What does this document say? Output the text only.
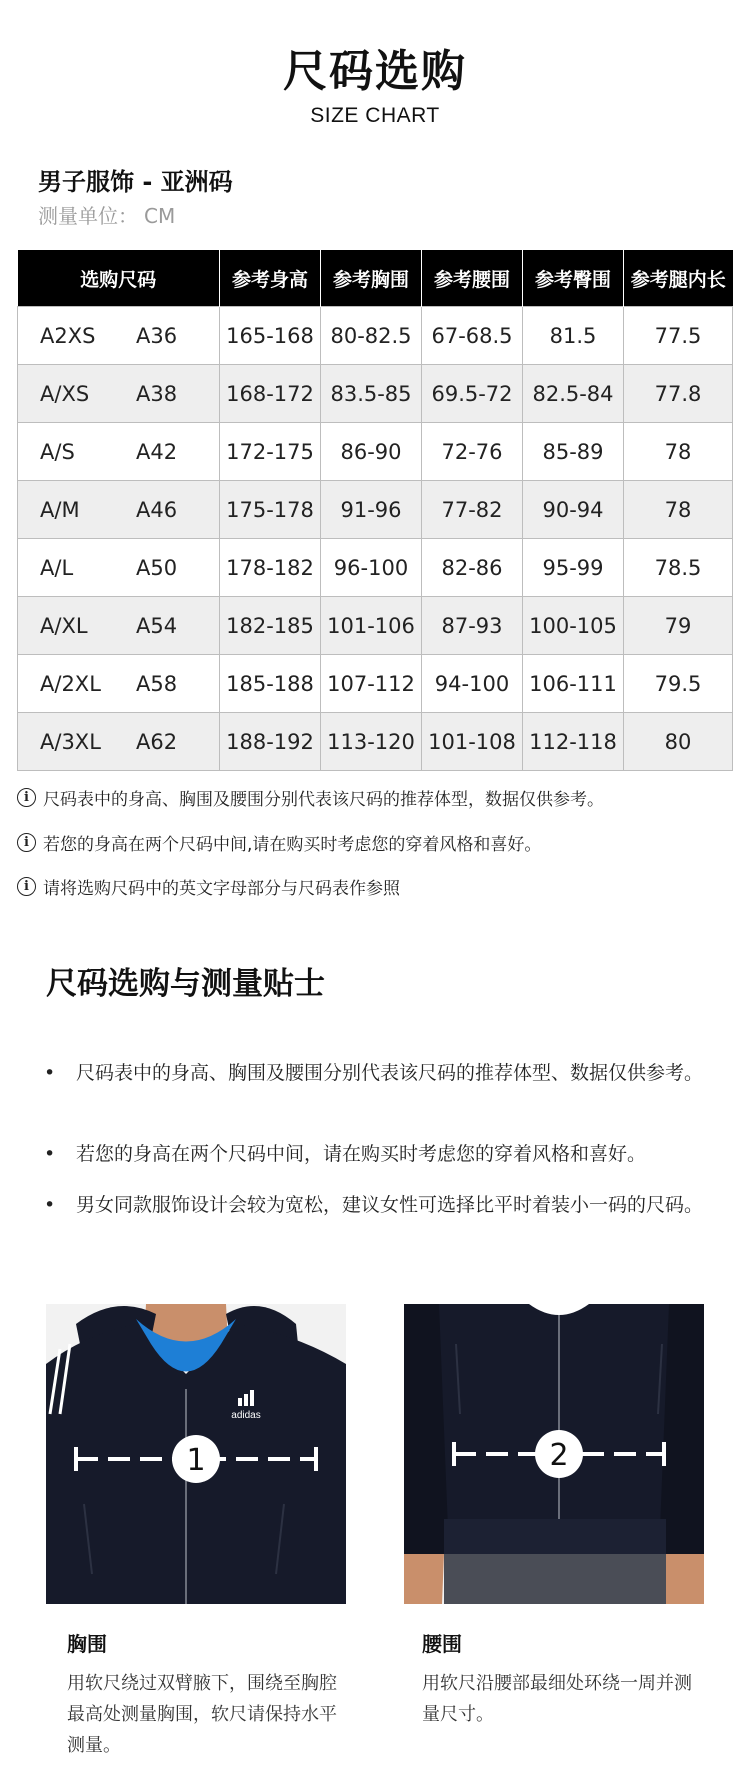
尺码选购
SIZE CHART
男子服饰 - 亚洲码
测量单位： CM
选购尺码	参考身高	参考胸围	参考腰围	参考臀围	参考腿内长
A2XS A36	165-168	80-82.5	67-68.5	81.5	77.5
A/XS A38	168-172	83.5-85	69.5-72	82.5-84	77.8
A/S A42	172-175	86-90	72-76	85-89	78
A/M A46	175-178	91-96	77-82	90-94	78
A/L A50	178-182	96-100	82-86	95-99	78.5
A/XL A54	182-185	101-106	87-93	100-105	79
A/2XL A58	185-188	107-112	94-100	106-111	79.5
A/3XL A62	188-192	113-120	101-108	112-118	80
i 尺码表中的身高、胸围及腰围分别代表该尺码的推荐体型，数据仅供参考。
i 若您的身高在两个尺码中间,请在购买时考虑您的穿着风格和喜好。
i 请将选购尺码中的英文字母部分与尺码表作参照
尺码选购与测量贴士
•	尺码表中的身高、胸围及腰围分别代表该尺码的推荐体型、数据仅供参考。
•	若您的身高在两个尺码中间，请在购买时考虑您的穿着风格和喜好。
•	男女同款服饰设计会较为宽松，建议女性可选择比平时着装小一码的尺码。
adidas
1	2
胸围
用软尺绕过双臂腋下，围绕至胸腔最高处测量胸围，软尺请保持水平测量。
腰围
用软尺沿腰部最细处环绕一周并测量尺寸。
